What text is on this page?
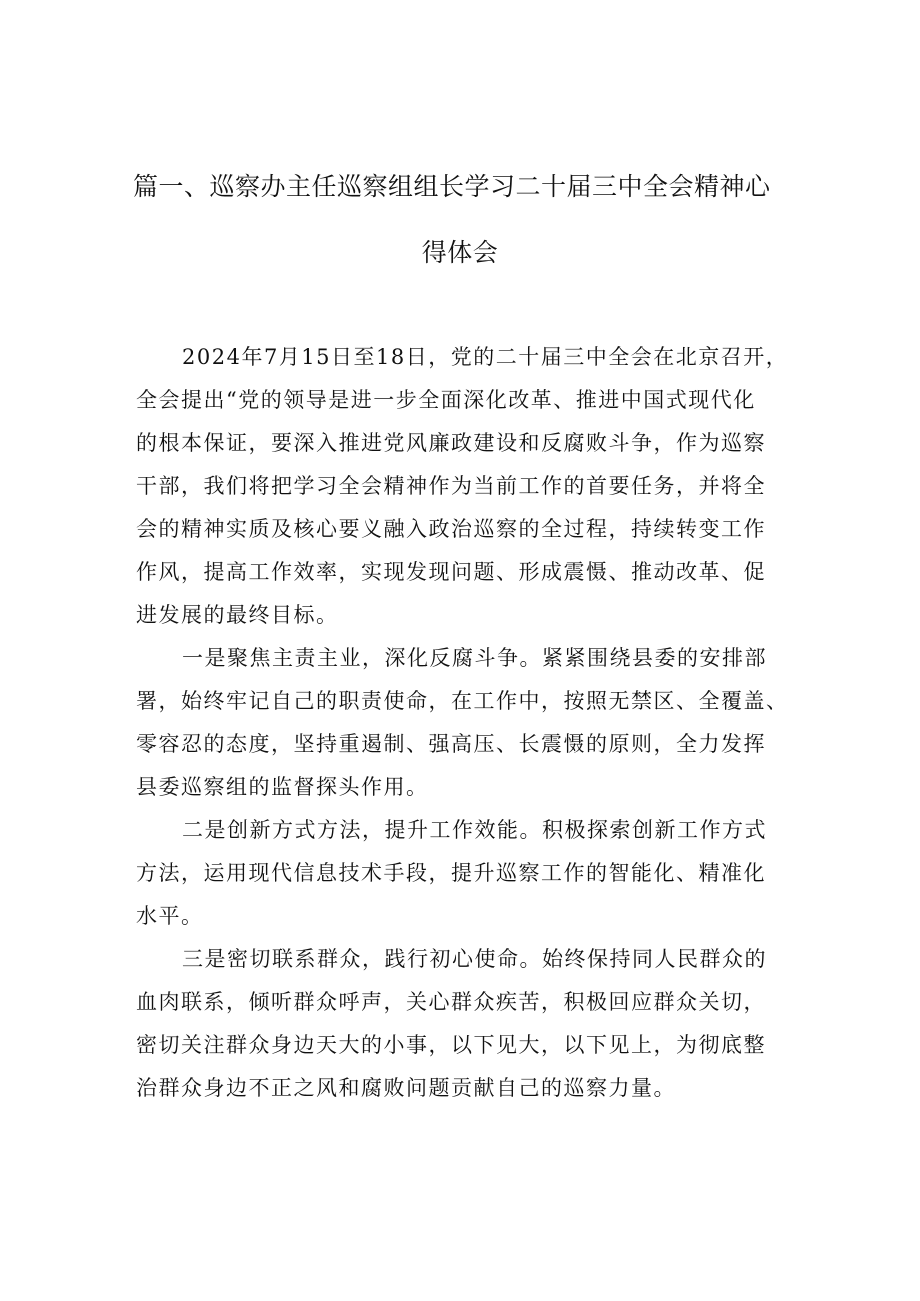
篇一、巡察办主任巡察组组长学习二十届三中全会精神心
得体会

2024年7月15日至18日，党的二十届三中全会在北京召开，
全会提出“党的领导是进一步全面深化改革、推进中国式现代化
的根本保证，要深入推进党风廉政建设和反腐败斗争，作为巡察
干部，我们将把学习全会精神作为当前工作的首要任务，并将全
会的精神实质及核心要义融入政治巡察的全过程，持续转变工作
作风，提高工作效率，实现发现问题、形成震慑、推动改革、促
进发展的最终目标。

一是聚焦主责主业，深化反腐斗争。紧紧围绕县委的安排部
署，始终牢记自己的职责使命，在工作中，按照无禁区、全覆盖、
零容忍的态度，坚持重遏制、强高压、长震慑的原则，全力发挥
县委巡察组的监督探头作用。

二是创新方式方法，提升工作效能。积极探索创新工作方式
方法，运用现代信息技术手段，提升巡察工作的智能化、精准化
水平。

三是密切联系群众，践行初心使命。始终保持同人民群众的
血肉联系，倾听群众呼声，关心群众疾苦，积极回应群众关切，
密切关注群众身边天大的小事，以下见大，以下见上，为彻底整
治群众身边不正之风和腐败问题贡献自己的巡察力量。
